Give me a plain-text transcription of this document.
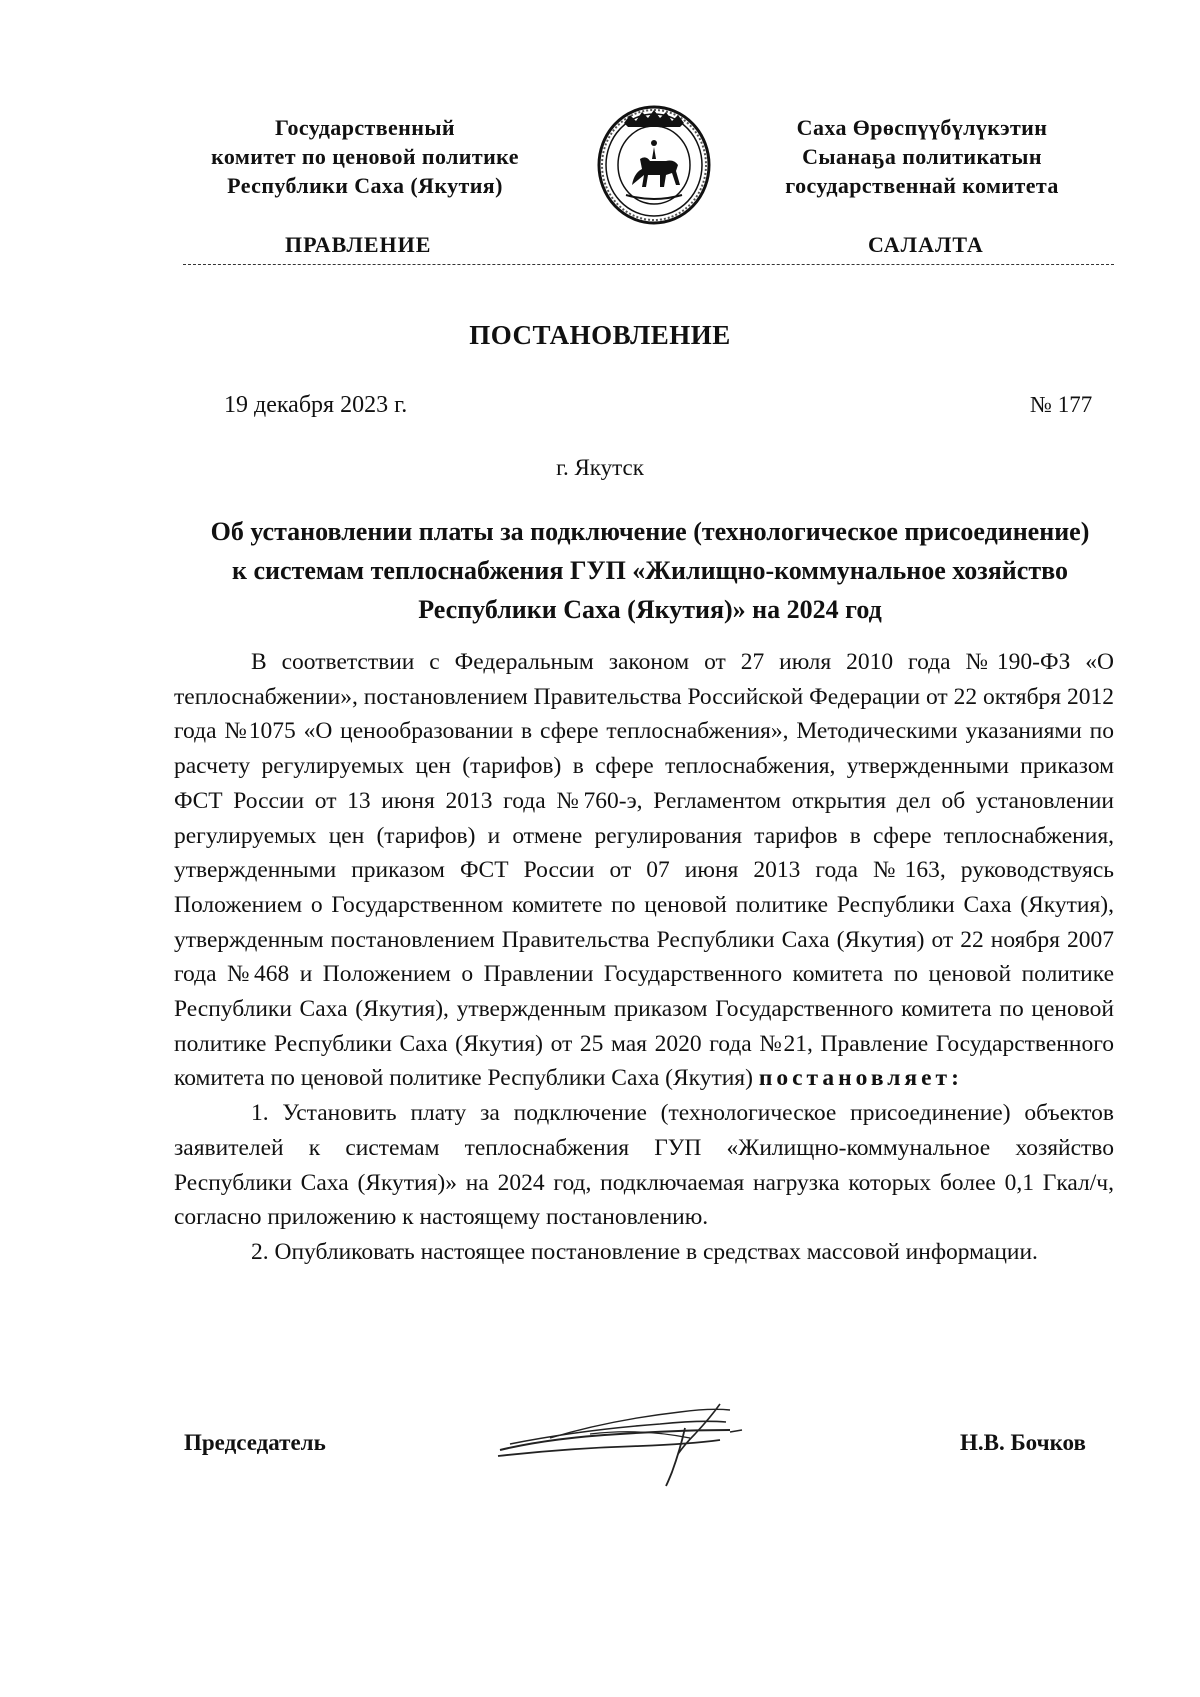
Государственный
комитет по ценовой политике
Республики Саха (Якутия)
Саха Өрөспүүбүлүкэтин
Сыанаҕа политикатын
государственнай комитета
ПРАВЛЕНИЕ	САЛАЛТА
ПОСТАНОВЛЕНИЕ
19 декабря 2023 г.	№ 177
г. Якутск
Об установлении платы за подключение (технологическое присоединение) к системам теплоснабжения ГУП «Жилищно-коммунальное хозяйство Республики Саха (Якутия)» на 2024 год

В соответствии с Федеральным законом от 27 июля 2010 года №190-ФЗ «О теплоснабжении», постановлением Правительства Российской Федерации от 22 октября 2012 года №1075 «О ценообразовании в сфере теплоснабжения», Методическими указаниями по расчету регулируемых цен (тарифов) в сфере теплоснабжения, утвержденными приказом ФСТ России от 13 июня 2013 года №760-э, Регламентом открытия дел об установлении регулируемых цен (тарифов) и отмене регулирования тарифов в сфере теплоснабжения, утвержденными приказом ФСТ России от 07 июня 2013 года №163, руководствуясь Положением о Государственном комитете по ценовой политике Республики Саха (Якутия), утвержденным постановлением Правительства Республики Саха (Якутия) от 22 ноября 2007 года №468 и Положением о Правлении Государственного комитета по ценовой политике Республики Саха (Якутия), утвержденным приказом Государственного комитета по ценовой политике Республики Саха (Якутия) от 25 мая 2020 года №21, Правление Государственного комитета по ценовой политике Республики Саха (Якутия) постановляет:

1. Установить плату за подключение (технологическое присоединение) объектов заявителей к системам теплоснабжения ГУП «Жилищно-коммунальное хозяйство Республики Саха (Якутия)» на 2024 год, подключаемая нагрузка которых более 0,1 Гкал/ч, согласно приложению к настоящему постановлению.

2. Опубликовать настоящее постановление в средствах массовой информации.

Председатель	Н.В. Бочков
